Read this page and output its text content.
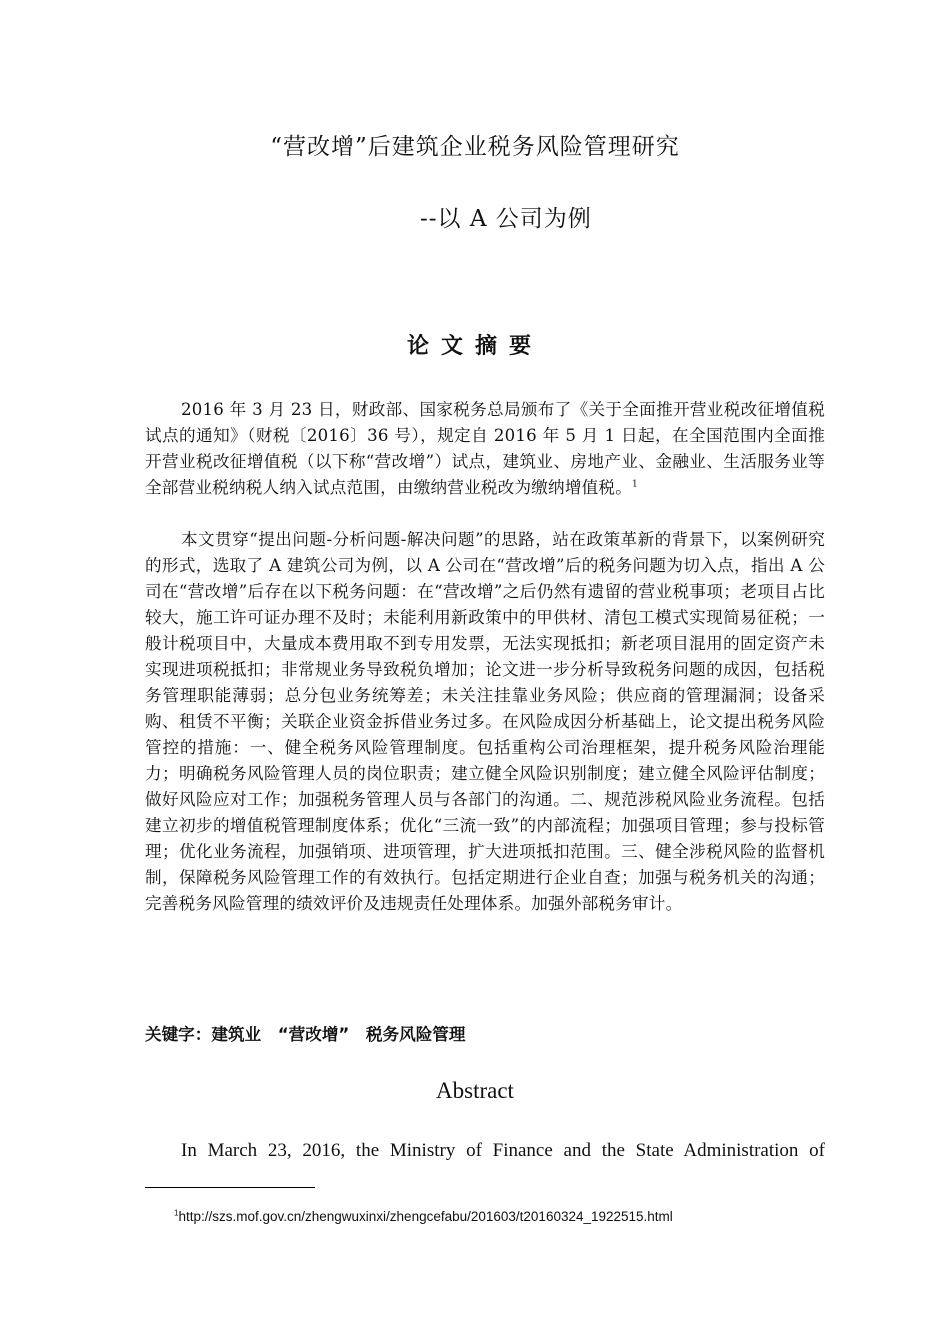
“营改增”后建筑企业税务风险管理研究
--以 A 公司为例
论文摘要
2016 年 3 月 23 日，财政部、国家税务总局颁布了《关于全面推开营业税改征增值税试点的通知》（财税〔2016〕36 号），规定自 2016 年 5 月 1 日起，在全国范围内全面推开营业税改征增值税（以下称“营改增”）试点，建筑业、房地产业、金融业、生活服务业等全部营业税纳税人纳入试点范围，由缴纳营业税改为缴纳增值税。$^1$
本文贯穿“提出问题-分析问题-解决问题”的思路，站在政策革新的背景下，以案例研究的形式，选取了 A 建筑公司为例，以 A 公司在“营改增”后的税务问题为切入点，指出 A 公司在“营改增”后存在以下税务问题：在“营改增”之后仍然有遗留的营业税事项；老项目占比较大，施工许可证办理不及时；未能利用新政策中的甲供材、清包工模式实现简易征税；一般计税项目中，大量成本费用取不到专用发票，无法实现抵扣；新老项目混用的固定资产未实现进项税抵扣；非常规业务导致税负增加；论文进一步分析导致税务问题的成因，包括税务管理职能薄弱；总分包业务统筹差；未关注挂靠业务风险；供应商的管理漏洞；设备采购、租赁不平衡；关联企业资金拆借业务过多。在风险成因分析基础上，论文提出税务风险管控的措施：一、健全税务风险管理制度。包括重构公司治理框架，提升税务风险治理能力；明确税务风险管理人员的岗位职责；建立健全风险识别制度；建立健全风险评估制度；做好风险应对工作；加强税务管理人员与各部门的沟通。二、规范涉税风险业务流程。包括建立初步的增值税管理制度体系；优化“三流一致”的内部流程；加强项目管理；参与投标管理；优化业务流程，加强销项、进项管理，扩大进项抵扣范围。三、健全涉税风险的监督机制，保障税务风险管理工作的有效执行。包括定期进行企业自查；加强与税务机关的沟通；完善税务风险管理的绩效评价及违规责任处理体系。加强外部税务审计。
关键字：建筑业　“营改增”　税务风险管理
Abstract
In March 23, 2016, the Ministry of Finance and the State Administration of
$^1$http://szs.mof.gov.cn/zhengwuxinxi/zhengcefabu/201603/t20160324_1922515.html
